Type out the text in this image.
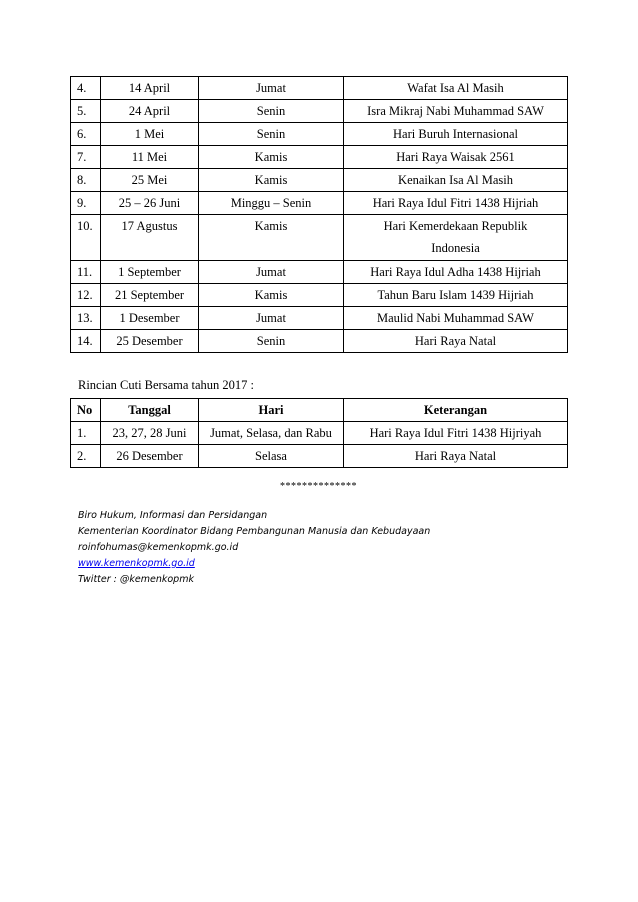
4.	14 April	Jumat	Wafat Isa Al Masih
5.	24 April	Senin	Isra Mikraj Nabi Muhammad SAW
6.	1 Mei	Senin	Hari Buruh Internasional
7.	11 Mei	Kamis	Hari Raya Waisak 2561
8.	25 Mei	Kamis	Kenaikan Isa Al Masih
9.	25 – 26 Juni	Minggu – Senin	Hari Raya Idul Fitri 1438 Hijriah
10.	17 Agustus	Kamis	Hari Kemerdekaan Republik
Indonesia

11.	1 September	Jumat	Hari Raya Idul Adha 1438 Hijriah
12.	21 September	Kamis	Tahun Baru Islam 1439 Hijriah
13.	1 Desember	Jumat	Maulid Nabi Muhammad SAW
14.	25 Desember	Senin	Hari Raya Natal
Rincian Cuti Bersama tahun 2017 :
No	Tanggal	Hari	Keterangan
1.	23, 27, 28 Juni	Jumat, Selasa, dan Rabu	Hari Raya Idul Fitri 1438 Hijriyah
2.	26 Desember	Selasa	Hari Raya Natal
**************
Biro Hukum, Informasi dan Persidangan
Kementerian Koordinator Bidang Pembangunan Manusia dan Kebudayaan
roinfohumas@kemenkopmk.go.id
www.kemenkopmk.go.id
Twitter : @kemenkopmk
